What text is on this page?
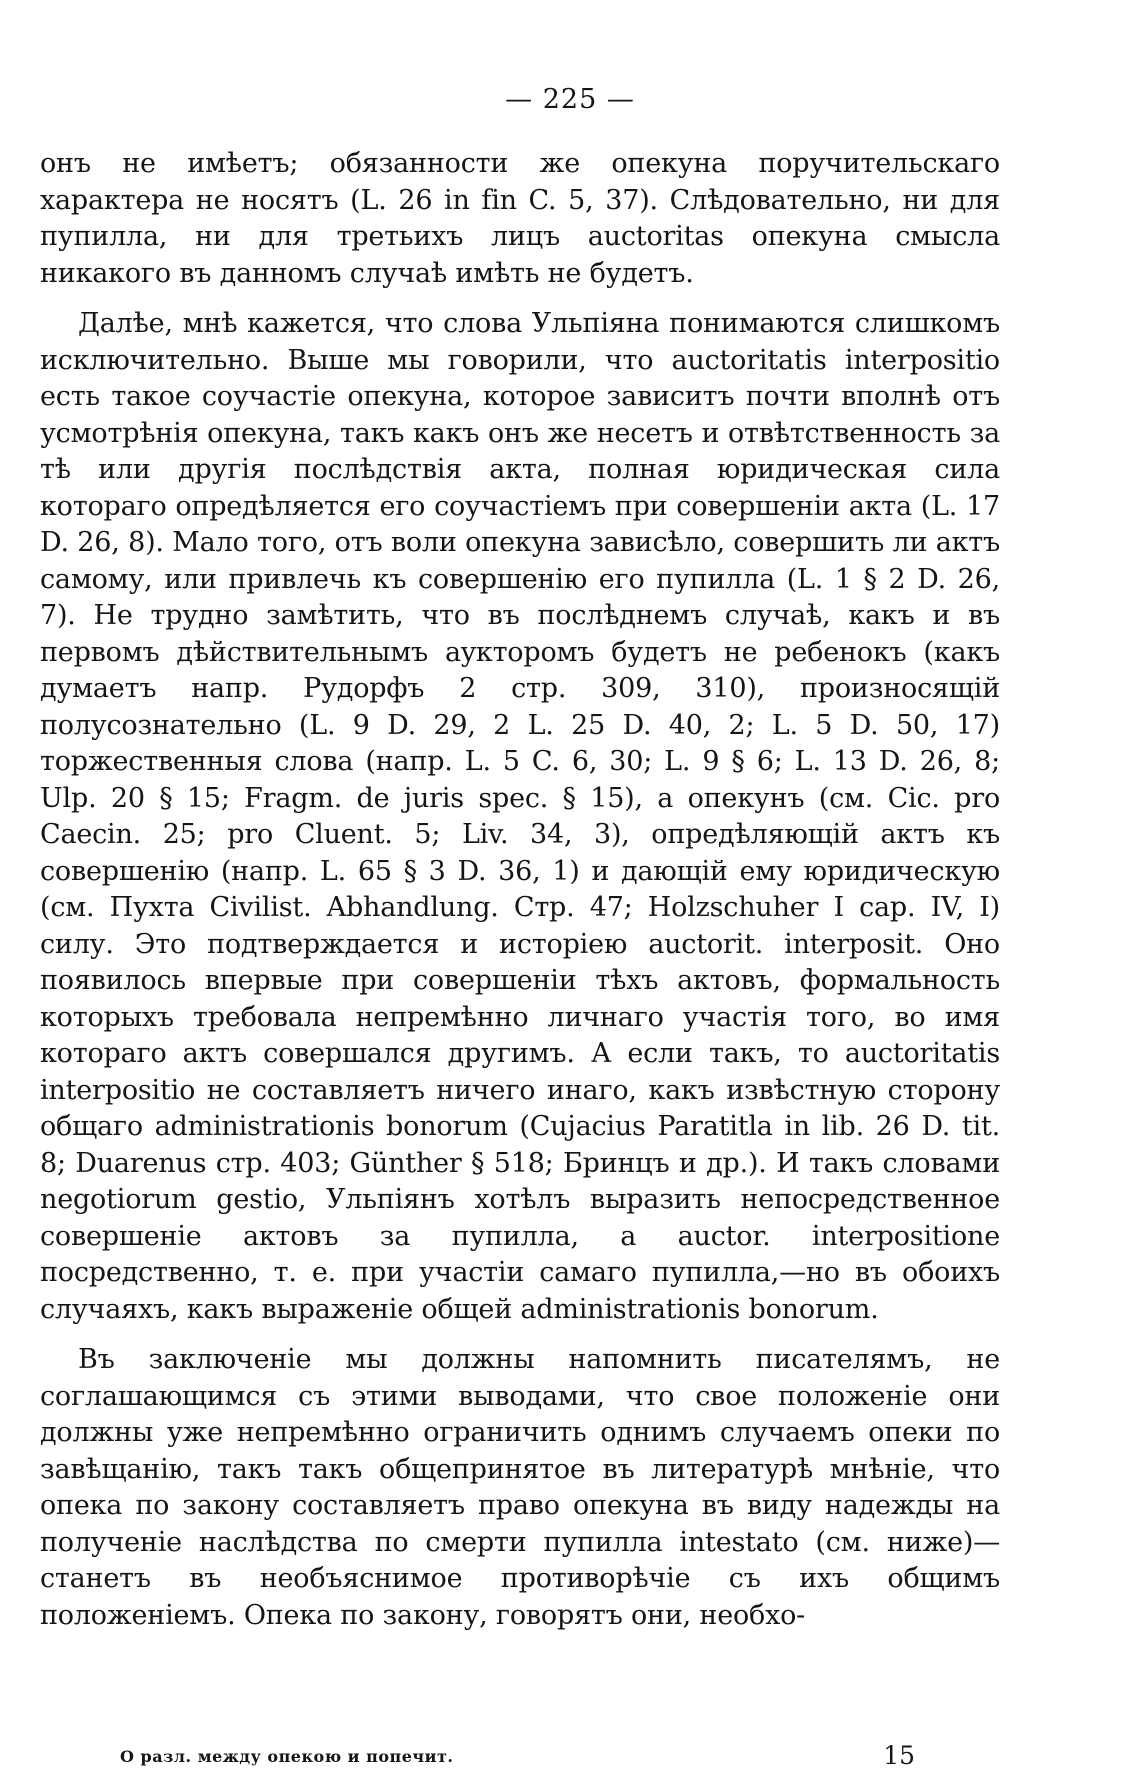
— 225 —

онъ не имѣетъ; обязанности же опекуна поручительскаго характера не носятъ (L. 26 in fin C. 5, 37). Слѣдовательно, ни для пупилла, ни для третьихъ лицъ auctoritas опекуна смысла никакого въ данномъ случаѣ имѣть не будетъ.

Далѣе, мнѣ кажется, что слова Ульпіяна понимаются слишкомъ исключительно. Выше мы говорили, что auctoritatis interpositio есть такое соучастіе опекуна, которое зависитъ почти вполнѣ отъ усмотрѣнія опекуна, такъ какъ онъ же несетъ и отвѣтственность за тѣ или другія послѣдствія акта, полная юридическая сила котораго опредѣляется его соучастіемъ при совершеніи акта (L. 17 D. 26, 8). Мало того, отъ воли опекуна зависѣло, совершить ли актъ самому, или привлечь къ совершенію его пупилла (L. 1 § 2 D. 26, 7). Не трудно замѣтить, что въ послѣднемъ случаѣ, какъ и въ первомъ дѣйствительнымъ ayкторомъ будетъ не ребенокъ (какъ думаетъ напр. Рудорфъ 2 стр. 309, 310), произносящій полусознательно (L. 9 D. 29, 2 L. 25 D. 40, 2; L. 5 D. 50, 17) торжественныя слова (напр. L. 5 C. 6, 30; L. 9 § 6; L. 13 D. 26, 8; Ulp. 20 § 15; Fragm. de juris spec. § 15), а опекунъ (см. Cic. pro Caecin. 25; pro Cluent. 5; Liv. 34, 3), опредѣляющій актъ къ совершенію (напр. L. 65 § 3 D. 36, 1) и дающій ему юридическую (см. Пухта Civilist. Abhandlung. Стр. 47; Holzschuher I cap. IV, I) силу. Это подтверждается и исторіею auctorit. interposit. Оно появилось впервые при совершеніи тѣхъ актовъ, формальность которыхъ требовала непремѣнно личнаго участія того, во имя котораго актъ совершался другимъ. А если такъ, то auctoritatis interpositio не составляетъ ничего инаго, какъ извѣстную сторону общаго administrationis bonorum (Cujacius Paratitla in lib. 26 D. tit. 8; Duarenus стр. 403; Günther § 518; Бринцъ и др.). И такъ словами negotiorum gestio, Ульпіянъ хотѣлъ выразить непосредственное совершеніе актовъ за пупилла, а auctor. interpositione посредственно, т. е. при участіи самаго пупилла,—но въ обоихъ случаяхъ, какъ выраженіе общей administrationis bonorum.

Въ заключеніе мы должны напомнить писателямъ, не соглашающимся съ этими выводами, что свое положеніе они должны уже непремѣнно ограничить однимъ случаемъ опеки по завѣщанію, такъ такъ общепринятое въ литературѣ мнѣніе, что опека по закону составляетъ право опекуна въ виду надежды на полученіе наслѣдства по смерти пупилла intestato (см. ниже)—станетъ въ необъяснимое противорѣчіе съ ихъ общимъ положеніемъ. Опека по закону, говорятъ они, необхо-

О разл. между опекою и попечит.	15
